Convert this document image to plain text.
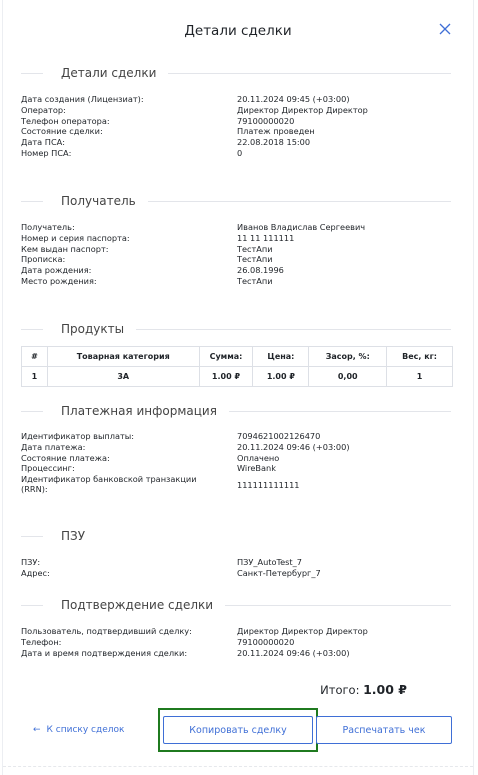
Детали сделки
Детали сделки
Дата создания (Лицензиат):	20.11.2024 09:45 (+03:00)
Оператор:	Директор Директор Директор
Телефон оператора:	79100000020
Состояние сделки:	Платеж проведен
Дата ПСА:	22.08.2018 15:00
Номер ПСА:	0
Получатель
Получатель:	Иванов Владислав Сергеевич
Номер и серия паспорта:	11 11 111111
Кем выдан паспорт:	ТестАпи
Прописка:	ТестАпи
Дата рождения:	26.08.1996
Место рождения:	ТестАпи
Продукты
#	Товарная категория	Сумма:	Цена:	Засор, %:	Вес, кг:
1	3А	1.00 ₽	1.00 ₽	0,00	1
Платежная информация
Идентификатор выплаты:	7094621002126470
Дата платежа:	20.11.2024 09:46 (+03:00)
Состояние платежа:	Оплачено
Процессинг:	WireBank
Идентификатор банковской транзакции (RRN):	111111111111
ПЗУ
ПЗУ:	ПЗУ_AutoTest_7
Адрес:	Санкт-Петербург_7
Подтверждение сделки
Пользователь, подтвердивший сделку:	Директор Директор Директор
Телефон:	79100000020
Дата и время подтверждения сделки:	20.11.2024 09:46 (+03:00)
Итого: 1.00 ₽
← К списку сделок	Копировать сделку	Распечатать чек
